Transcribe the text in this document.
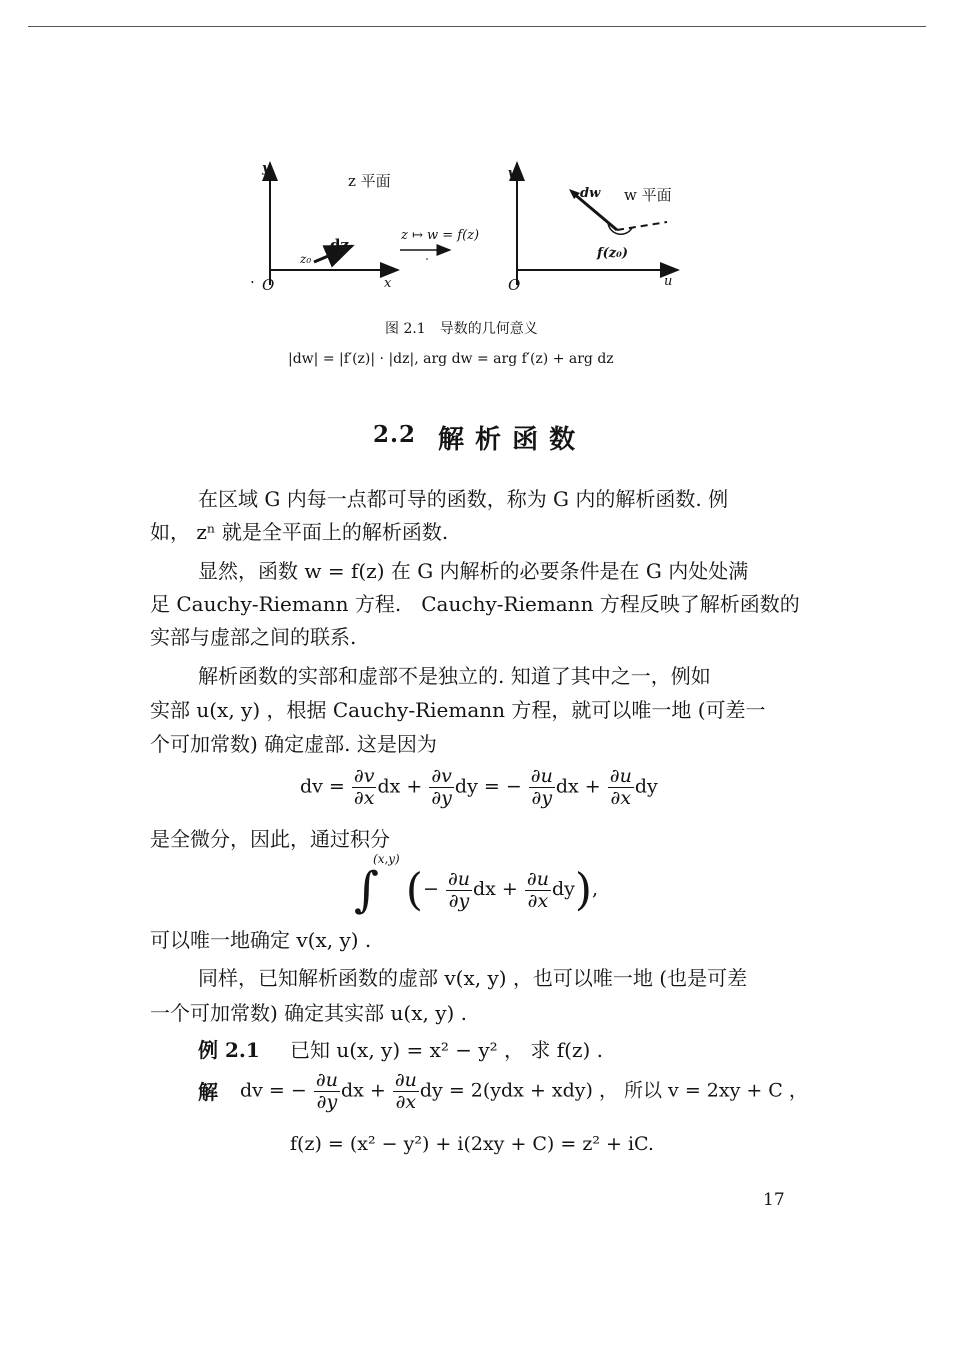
y
z 平面
dz
z₀
z ↦ w = f(z)
· O	x
v
dw w 平面
f(z₀)
O	u
图 2.1　导数的几何意义
|dw| = |f′(z)| · |dz|, arg dw = arg f′(z) + arg dz
2.2 解 析 函 数
在区域 G 内每一点都可导的函数，称为 G 内的解析函数. 例
如， zⁿ 就是全平面上的解析函数.
显然，函数 w = f(z) 在 G 内解析的必要条件是在 G 内处处满
足 Cauchy-Riemann 方程.　Cauchy-Riemann 方程反映了解析函数的
实部与虚部之间的联系.
解析函数的实部和虚部不是独立的. 知道了其中之一，例如
实部 u(x, y) ，根据 Cauchy-Riemann 方程，就可以唯一地 (可差一
个可加常数) 确定虚部. 这是因为
dv = $\frac{\partial v}{\partial x}$ dx + $\frac{\partial v}{\partial y}$ dy = − $\frac{\partial u}{\partial y}$ dx + $\frac{\partial u}{\partial x}$ dy
是全微分，因此，通过积分
∫$^{(x,y)}$ (− $\frac{\partial u}{\partial y}$ dx + $\frac{\partial u}{\partial x} dy$),
可以唯一地确定 v(x, y) .
同样，已知解析函数的虚部 v(x, y) ，也可以唯一地 (也是可差
一个可加常数) 确定其实部 u(x, y) .
例 2.1 已知 u(x, y) = x² − y² ， 求 f(z) .
解 dv = − $\frac{\partial u}{\partial y}$ dx + $\frac{\partial u}{\partial x}$ dy = 2(ydx + xdy) ， 所以 v = 2xy + C ，
f(z) = (x² − y²) + i(2xy + C) = z² + iC.
17
